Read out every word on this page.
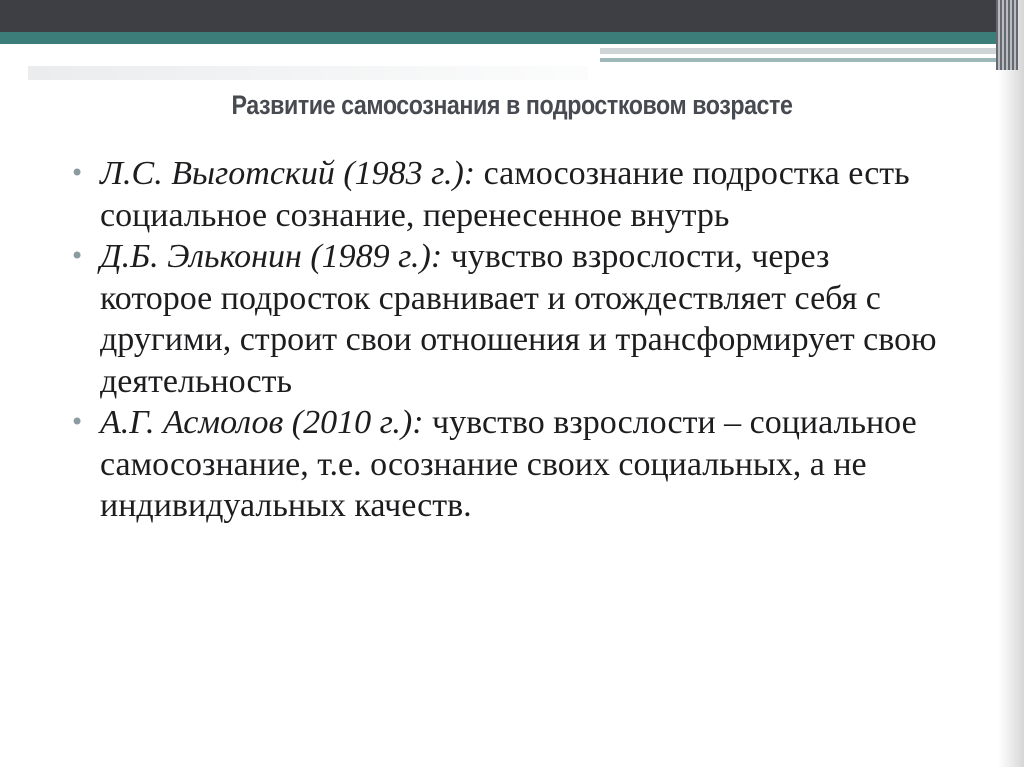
Развитие самосознания в подростковом возрасте
• Л.С. Выготский (1983 г.): самосознание подростка есть социальное сознание, перенесенное внутрь
• Д.Б. Эльконин (1989 г.): чувство взрослости, через которое подросток сравнивает и отождествляет себя с другими, строит свои отношения и трансформирует свою деятельность
• А.Г. Асмолов (2010 г.): чувство взрослости – социальное самосознание, т.е. осознание своих социальных, а не индивидуальных качеств.
